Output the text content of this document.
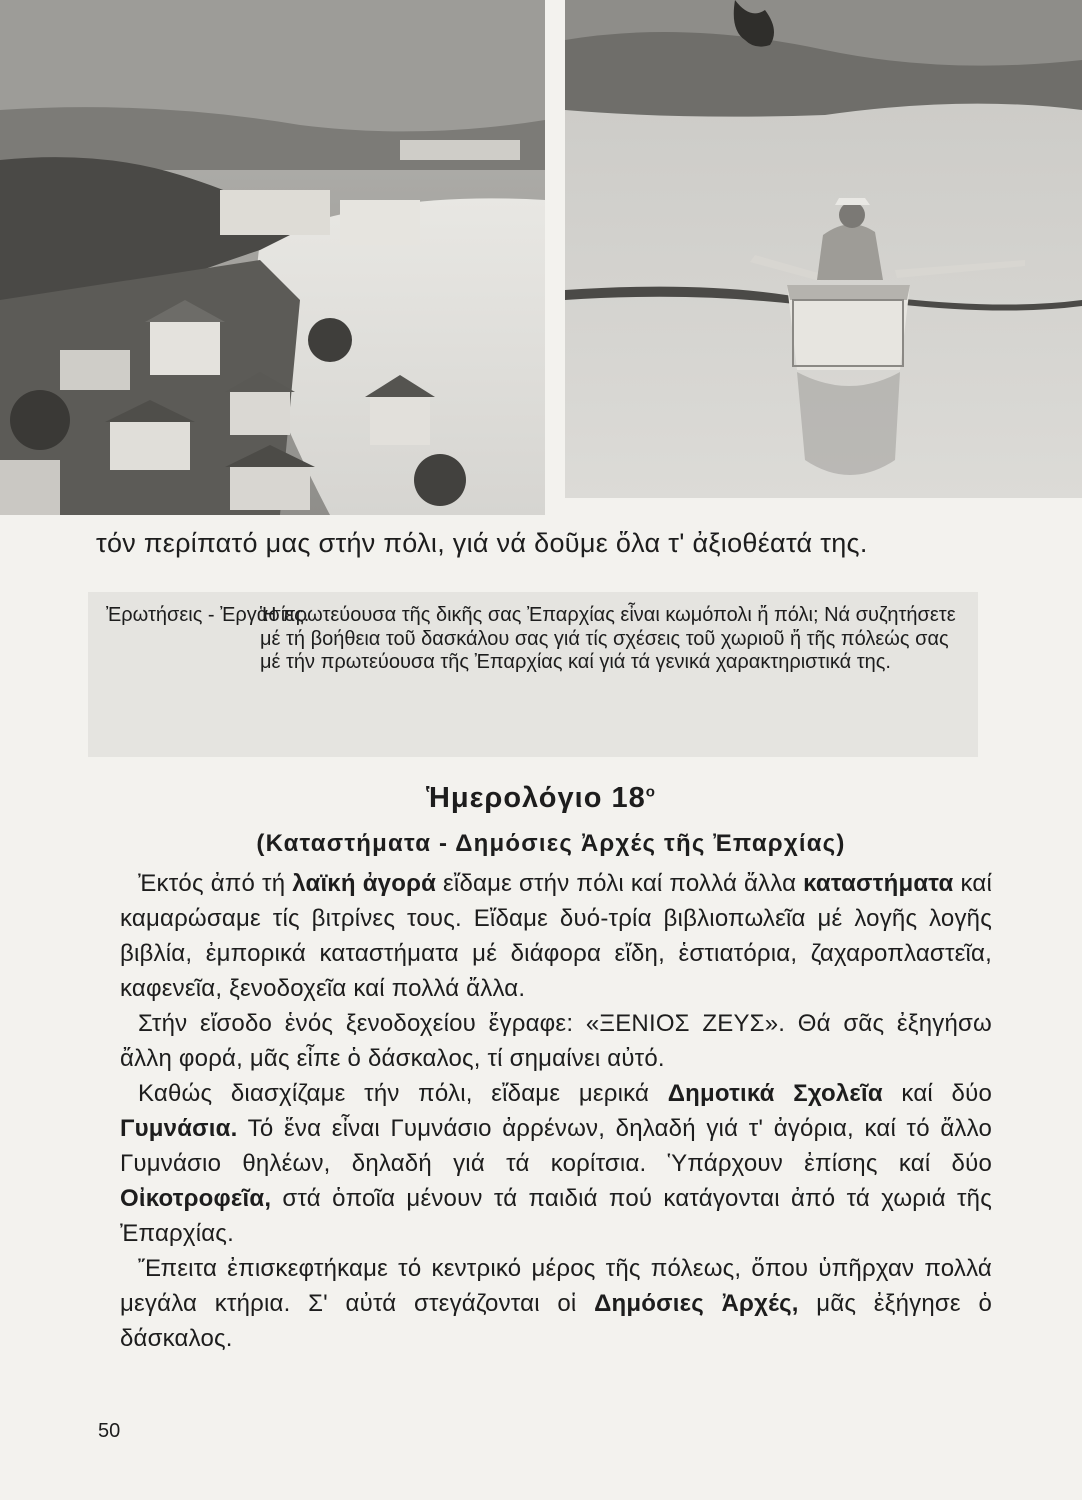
τόν περίπατό μας στήν πόλι, γιά νά δοῦμε ὅλα τ' ἀξιοθέατά της.

Ἐρωτήσεις - Ἐργασίες.

Ἡ πρωτεύουσα τῆς δικῆς σας Ἐπαρχίας εἶναι κωμόπολι ἤ πόλι; Νά συζητήσετε μέ τή βοήθεια τοῦ δασκάλου σας γιά τίς σχέσεις τοῦ χωριοῦ ἤ τῆς πόλεώς σας μέ τήν πρωτεύουσα τῆς Ἐπαρχίας καί γιά τά γενικά χαρακτηριστικά της.

Ἡμερολόγιο $18^o$
(Καταστήματα - Δημόσιες Ἀρχές τῆς Ἐπαρχίας)

Ἐκτός ἀπό τή λαϊκή ἀγορά εἴδαμε στήν πόλι καί πολλά ἄλλα καταστήματα καί καμαρώσαμε τίς βιτρίνες τους. Εἴδαμε δυό-τρία βιβλιοπωλεῖα μέ λογῆς λογῆς βιβλία, ἐμπορικά καταστήματα μέ διάφορα εἴδη, ἑστιατόρια, ζαχαροπλαστεῖα, καφενεῖα, ξενοδοχεῖα καί πολλά ἄλλα.

Στήν εἴσοδο ἑνός ξενοδοχείου ἔγραφε: «ΞΕΝΙΟΣ ΖΕΥΣ». Θά σᾶς ἐξηγήσω ἄλλη φορά, μᾶς εἶπε ὁ δάσκαλος, τί σημαίνει αὐτό.

Καθώς διασχίζαμε τήν πόλι, εἴδαμε μερικά Δημοτικά Σχολεῖα καί δύο Γυμνάσια. Τό ἕνα εἶναι Γυμνάσιο ἀρρένων, δηλαδή γιά τ' ἀγόρια, καί τό ἄλλο Γυμνάσιο θηλέων, δηλαδή γιά τά κορίτσια. Ὑπάρχουν ἐπίσης καί δύο Οἰκοτροφεῖα, στά ὁποῖα μένουν τά παιδιά πού κατάγονται ἀπό τά χωριά τῆς Ἐπαρχίας.

Ἔπειτα ἐπισκεφτήκαμε τό κεντρικό μέρος τῆς πόλεως, ὅπου ὑπῆρχαν πολλά μεγάλα κτήρια. Σ' αὐτά στεγάζονται οἱ Δημόσιες Ἀρχές, μᾶς ἐξήγησε ὁ δάσκαλος.

50
